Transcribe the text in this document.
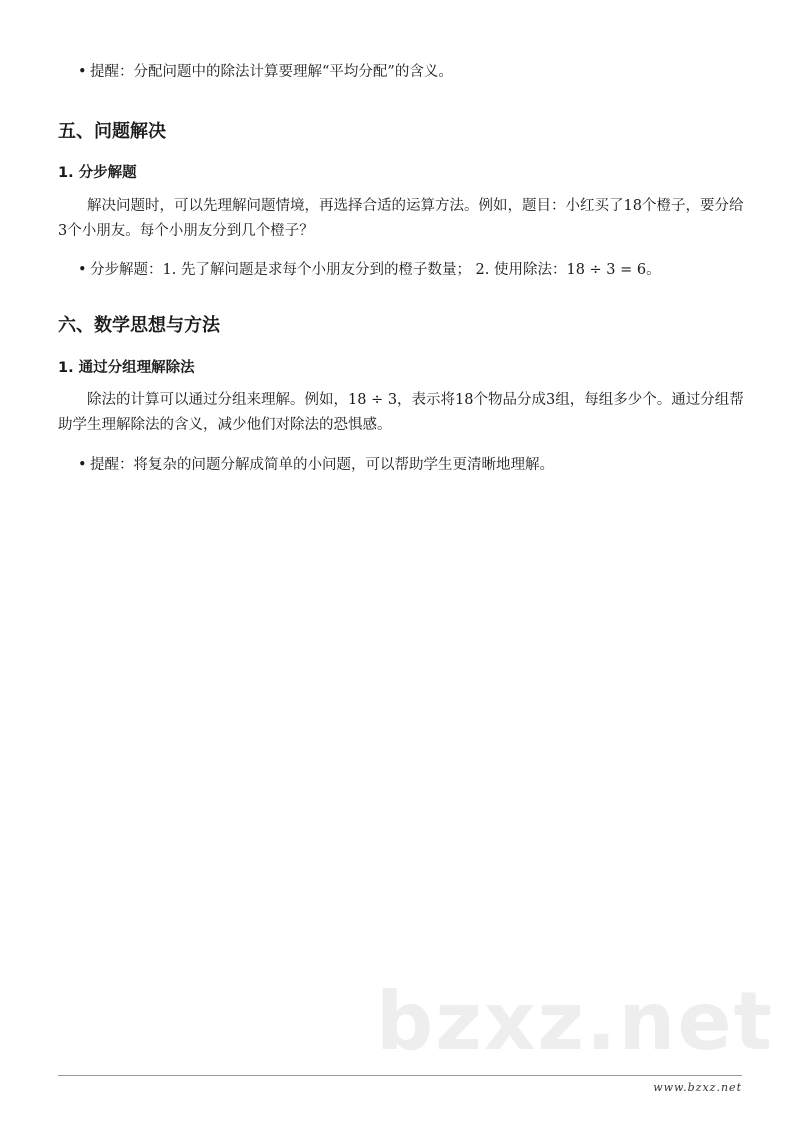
• 提醒：分配问题中的除法计算要理解“平均分配”的含义。
五、问题解决
1. 分步解题
解决问题时，可以先理解问题情境，再选择合适的运算方法。例如，题目：小红买了18个橙子，要分给3个小朋友。每个小朋友分到几个橙子？
• 分步解题：1. 先了解问题是求每个小朋友分到的橙子数量； 2. 使用除法：18 ÷ 3 = 6。
六、数学思想与方法
1. 通过分组理解除法
除法的计算可以通过分组来理解。例如，18 ÷ 3，表示将18个物品分成3组，每组多少个。通过分组帮助学生理解除法的含义，减少他们对除法的恐惧感。
• 提醒：将复杂的问题分解成简单的小问题，可以帮助学生更清晰地理解。
bzxz.net
www.bzxz.net
